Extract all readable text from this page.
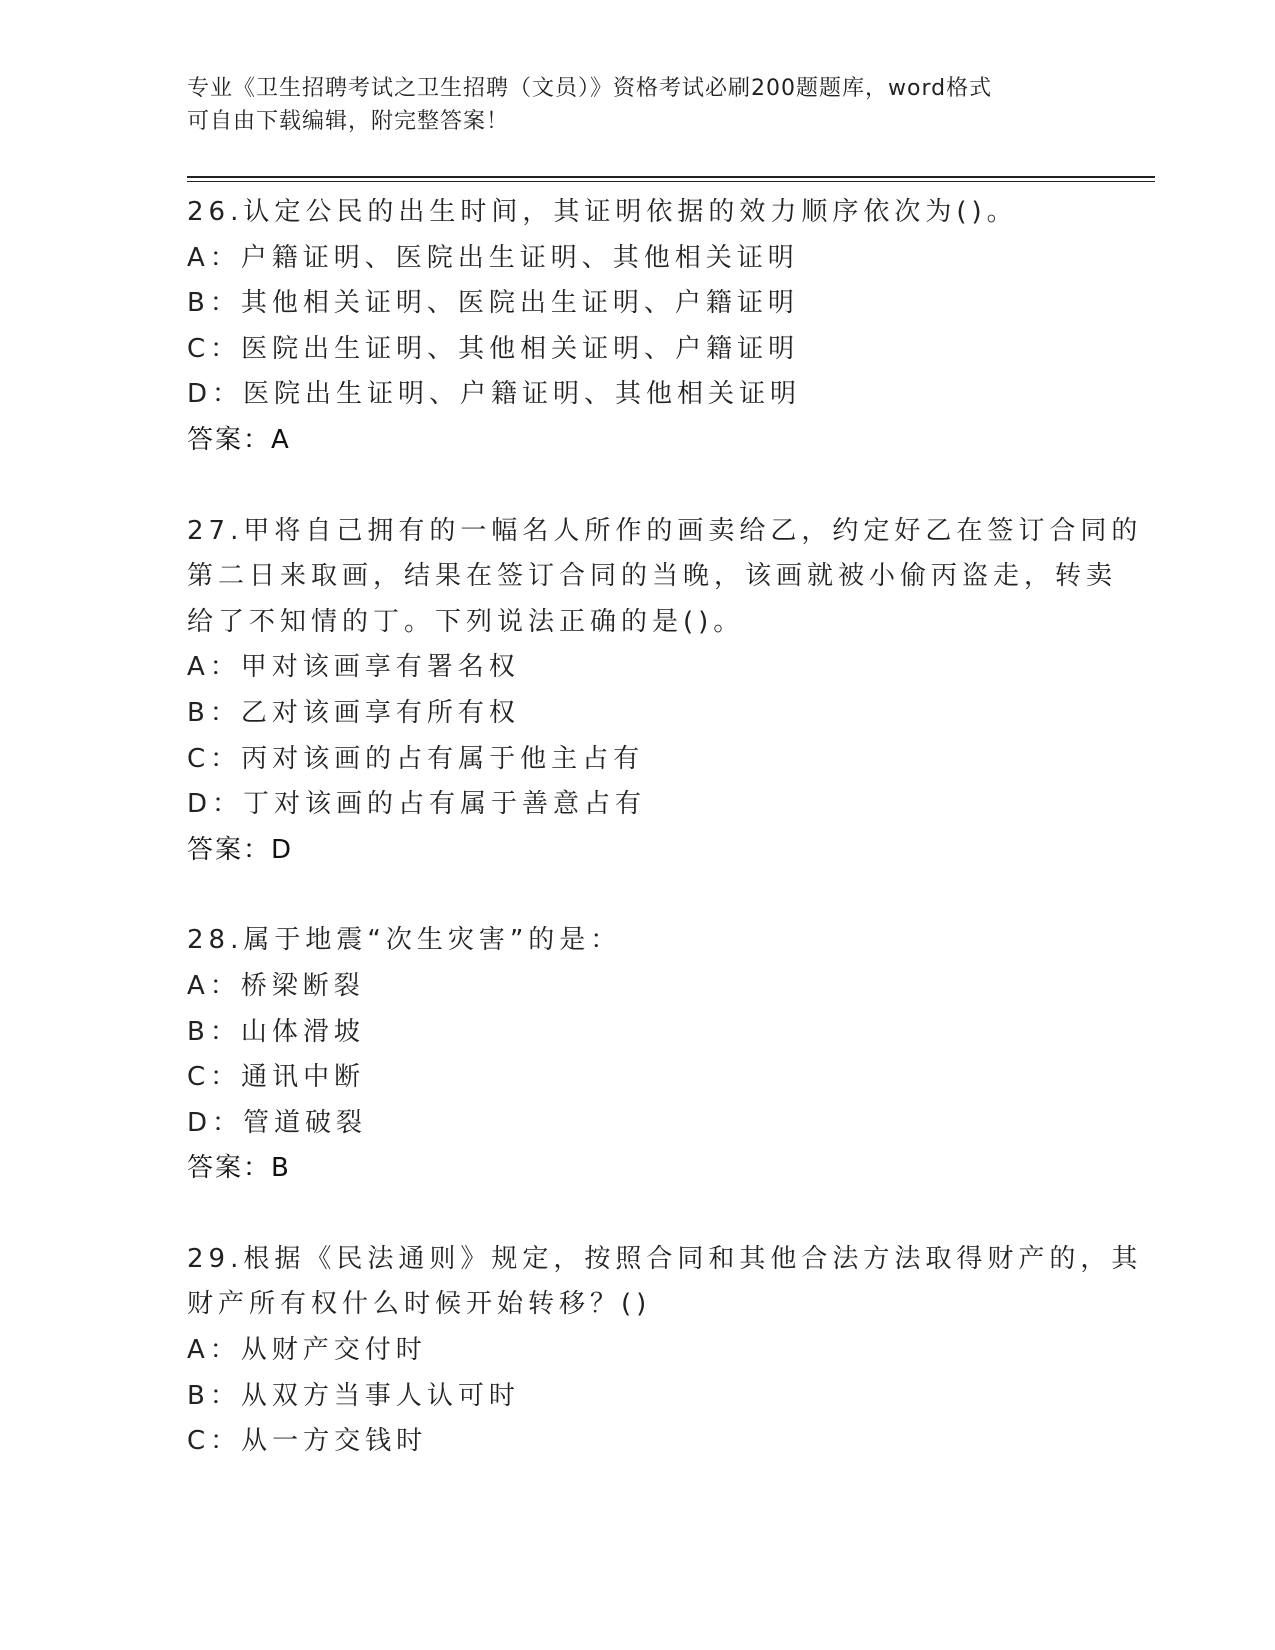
专业《卫生招聘考试之卫生招聘（文员）》资格考试必刷200题题库，word格式
可自由下载编辑，附完整答案！
26.认定公民的出生时间，其证明依据的效力顺序依次为()。
A：户籍证明、医院出生证明、其他相关证明
B：其他相关证明、医院出生证明、户籍证明
C：医院出生证明、其他相关证明、户籍证明
D：医院出生证明、户籍证明、其他相关证明
答案：A
27.甲将自己拥有的一幅名人所作的画卖给乙，约定好乙在签订合同的
第二日来取画，结果在签订合同的当晚，该画就被小偷丙盗走，转卖
给了不知情的丁。下列说法正确的是()。
A：甲对该画享有署名权
B：乙对该画享有所有权
C：丙对该画的占有属于他主占有
D：丁对该画的占有属于善意占有
答案：D
28.属于地震“次生灾害”的是：
A：桥梁断裂
B：山体滑坡
C：通讯中断
D：管道破裂
答案：B
29.根据《民法通则》规定，按照合同和其他合法方法取得财产的，其
财产所有权什么时候开始转移？()
A：从财产交付时
B：从双方当事人认可时
C：从一方交钱时
